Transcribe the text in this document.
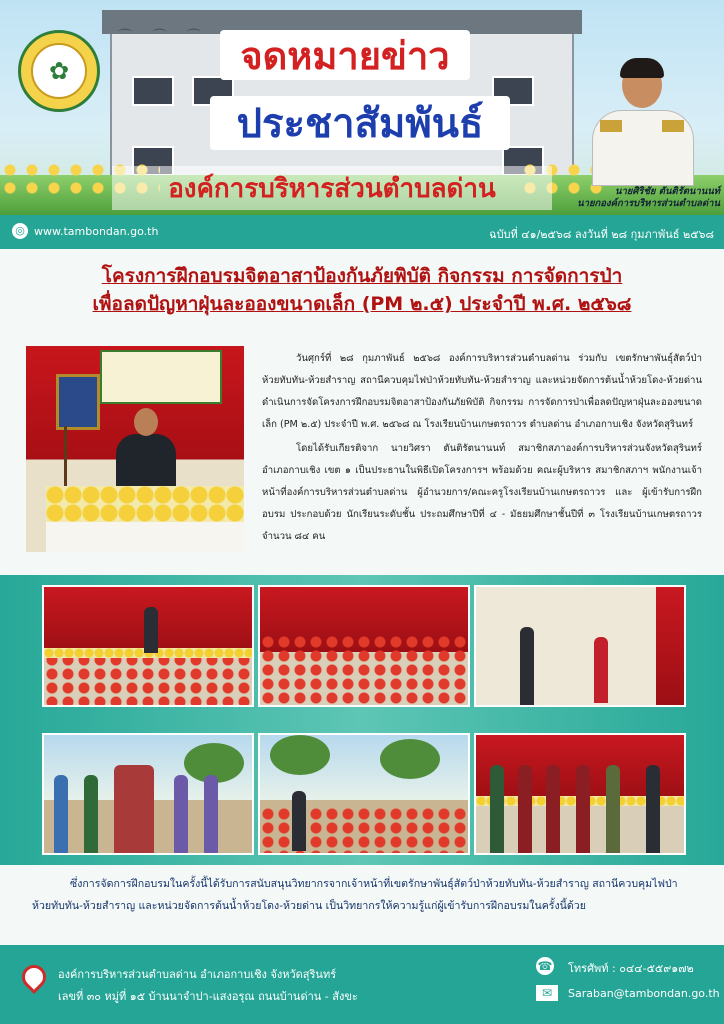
⌒ ⌒ ⌒
✿	จดหมายข่าว
ประชาสัมพันธ์
องค์การบริหารส่วนตำบลด่าน	นายศิริชัย ตันติรัตนานนท์
นายกองค์การบริหารส่วนตำบลด่าน
◎ www.tambondan.go.th	ฉบับที่ ๔๑/๒๕๖๘ ลงวันที่ ๒๘ กุมภาพันธ์ ๒๕๖๘
โครงการฝึกอบรมจิตอาสาป้องกันภัยพิบัติ กิจกรรม การจัดการป่า
เพื่อลดปัญหาฝุ่นละอองขนาดเล็ก (PM ๒.๕) ประจำปี พ.ศ. ๒๕๖๘

วันศุกร์ที่ ๒๘ กุมภาพันธ์ ๒๕๖๘ องค์การบริหารส่วนตำบลด่าน ร่วมกับ เขตรักษาพันธุ์สัตว์ป่าห้วยทับทัน-ห้วยสำราญ สถานีควบคุมไฟป่าห้วยทับทัน-ห้วยสำราญ และหน่วยจัดการต้นน้ำห้วยโดง-ห้วยด่าน ดำเนินการจัดโครงการฝึกอบรมจิตอาสาป้องกันภัยพิบัติ กิจกรรม การจัดการป่าเพื่อลดปัญหาฝุ่นละอองขนาดเล็ก (PM ๒.๕) ประจำปี พ.ศ. ๒๕๖๘ ณ โรงเรียนบ้านเกษตรถาวร ตำบลด่าน อำเภอกาบเชิง จังหวัดสุรินทร์

โดยได้รับเกียรติจาก นายวิศรา ตันติรัตนานนท์ สมาชิกสภาองค์การบริหารส่วนจังหวัดสุรินทร์ อำเภอกาบเชิง เขต ๑ เป็นประธานในพิธีเปิดโครงการฯ พร้อมด้วย คณะผู้บริหาร สมาชิกสภาฯ พนักงานเจ้าหน้าที่องค์การบริหารส่วนตำบลด่าน ผู้อำนวยการ/คณะครูโรงเรียนบ้านเกษตรถาวร และ ผู้เข้ารับการฝึกอบรม ประกอบด้วย นักเรียนระดับชั้น ประถมศึกษาปีที่ ๔ - มัธยมศึกษาชั้นปีที่ ๓ โรงเรียนบ้านเกษตรถาวร จำนวน ๘๔ คน

ซึ่งการจัดการฝึกอบรมในครั้งนี้ได้รับการสนับสนุนวิทยากรจากเจ้าหน้าที่เขตรักษาพันธุ์สัตว์ป่าห้วยทับทัน-ห้วยสำราญ สถานีควบคุมไฟป่าห้วยทับทัน-ห้วยสำราญ และหน่วยจัดการต้นน้ำห้วยโดง-ห้วยด่าน เป็นวิทยากรให้ความรู้แก่ผู้เข้ารับการฝึกอบรมในครั้งนี้ด้วย
องค์การบริหารส่วนตำบลด่าน อำเภอกาบเชิง จังหวัดสุรินทร์
เลขที่ ๓๐ หมู่ที่ ๑๕ บ้านนาจำปา-แสงอรุณ ถนนบ้านด่าน - สังขะ
☎ โทรศัพท์ : ๐๔๔-๕๕๙๑๗๒
✉	Saraban@tambondan.go.th
